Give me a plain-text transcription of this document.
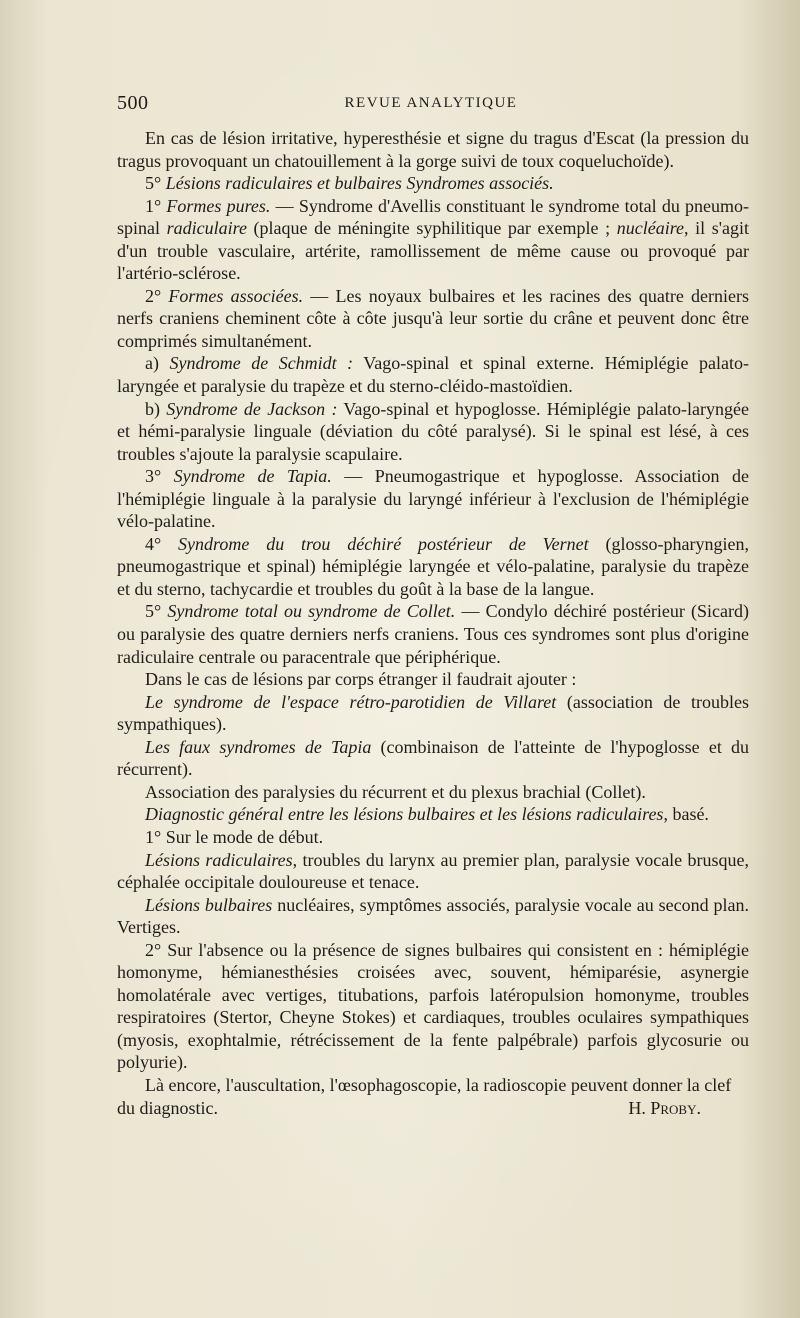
500	REVUE ANALYTIQUE

En cas de lésion irritative, hyperesthésie et signe du tragus d'Escat (la pression du tragus provoquant un chatouillement à la gorge suivi de toux coqueluchoïde).

5° Lésions radiculaires et bulbaires Syndromes associés.

1° Formes pures. — Syndrome d'Avellis constituant le syndrome total du pneumo-spinal radiculaire (plaque de méningite syphilitique par exemple ; nucléaire, il s'agit d'un trouble vasculaire, artérite, ramollissement de même cause ou provoqué par l'artério-sclérose.

2° Formes associées. — Les noyaux bulbaires et les racines des quatre derniers nerfs craniens cheminent côte à côte jusqu'à leur sortie du crâne et peuvent donc être comprimés simultanément.

a) Syndrome de Schmidt : Vago-spinal et spinal externe. Hémiplégie palato-laryngée et paralysie du trapèze et du sterno-cléido-mastoïdien.

b) Syndrome de Jackson : Vago-spinal et hypoglosse. Hémiplégie palato-laryngée et hémi-paralysie linguale (déviation du côté paralysé). Si le spinal est lésé, à ces troubles s'ajoute la paralysie scapulaire.

3° Syndrome de Tapia. — Pneumogastrique et hypoglosse. Association de l'hémiplégie linguale à la paralysie du laryngé inférieur à l'exclusion de l'hémiplégie vélo-palatine.

4° Syndrome du trou déchiré postérieur de Vernet (glosso-pharyngien, pneumogastrique et spinal) hémiplégie laryngée et vélo-palatine, paralysie du trapèze et du sterno, tachycardie et troubles du goût à la base de la langue.

5° Syndrome total ou syndrome de Collet. — Condylo déchiré postérieur (Sicard) ou paralysie des quatre derniers nerfs craniens. Tous ces syndromes sont plus d'origine radiculaire centrale ou paracentrale que périphérique.

Dans le cas de lésions par corps étranger il faudrait ajouter :

Le syndrome de l'espace rétro-parotidien de Villaret (association de troubles sympathiques).

Les faux syndromes de Tapia (combinaison de l'atteinte de l'hypoglosse et du récurrent).

Association des paralysies du récurrent et du plexus brachial (Collet).

Diagnostic général entre les lésions bulbaires et les lésions radiculaires, basé.

1° Sur le mode de début.

Lésions radiculaires, troubles du larynx au premier plan, paralysie vocale brusque, céphalée occipitale douloureuse et tenace.

Lésions bulbaires nucléaires, symptômes associés, paralysie vocale au second plan. Vertiges.

2° Sur l'absence ou la présence de signes bulbaires qui consistent en : hémiplégie homonyme, hémianesthésies croisées avec, souvent, hémiparésie, asynergie homolatérale avec vertiges, titubations, parfois latéropulsion homonyme, troubles respiratoires (Stertor, Cheyne Stokes) et cardiaques, troubles oculaires sympathiques (myosis, exophtalmie, rétrécissement de la fente palpébrale) parfois glycosurie ou polyurie).

Là encore, l'auscultation, l'œsophagoscopie, la radioscopie peuvent donner la clef du diagnostic.	H. Proby.
